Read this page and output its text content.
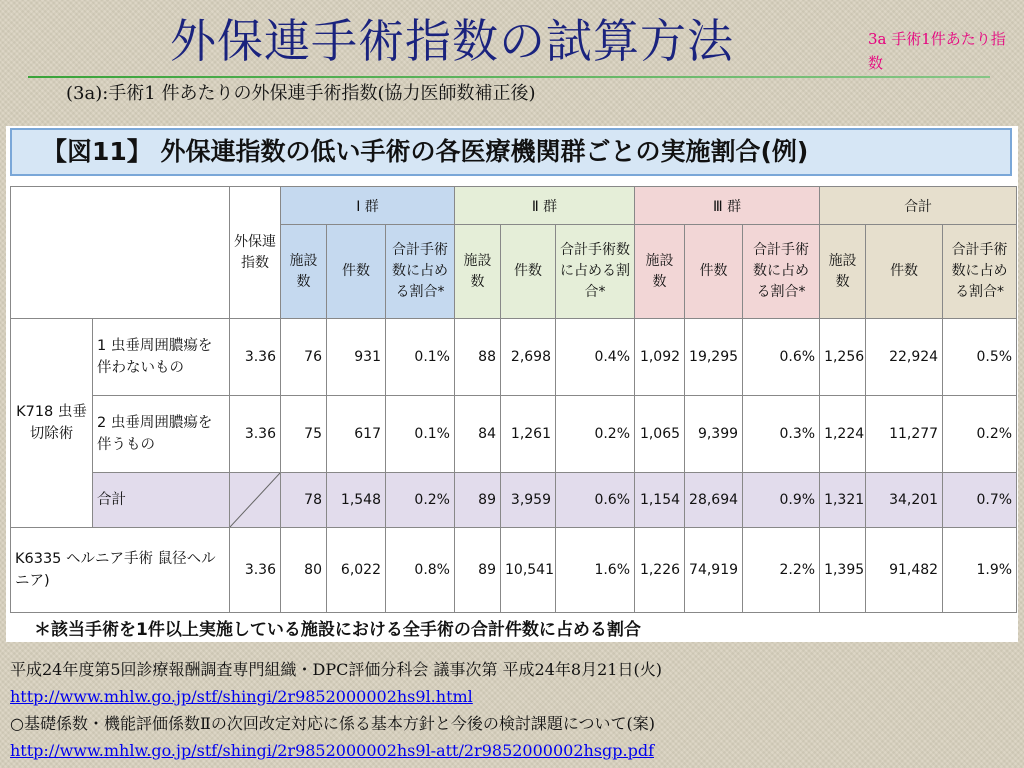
外保連手術指数の試算方法	3a 手術1件あたり指数
(3a):手術1 件あたりの外保連手術指数(協力医師数補正後)
【図11】 外保連指数の低い手術の各医療機関群ごとの実施割合(例)
		外保連指数	Ⅰ 群			Ⅱ 群			Ⅲ 群			合計		
			施設数	件数	合計手術数に占める割合*	施設数	件数	合計手術数に占める割合*	施設数	件数	合計手術数に占める割合*	施設数	件数	合計手術数に占める割合*
K718 虫垂切除術	1 虫垂周囲膿瘍を伴わないもの	3.36	76	931	0.1%	88	2,698	0.4%	1,092	19,295	0.6%	1,256	22,924	0.5%
	2 虫垂周囲膿瘍を伴うもの	3.36	75	617	0.1%	84	1,261	0.2%	1,065	9,399	0.3%	1,224	11,277	0.2%
	合計		78	1,548	0.2%	89	3,959	0.6%	1,154	28,694	0.9%	1,321	34,201	0.7%
K6335 ヘルニア手術 鼠径ヘルニア)		3.36	80	6,022	0.8%	89	10,541	1.6%	1,226	74,919	2.2%	1,395	91,482	1.9%
＊該当手術を1件以上実施している施設における全手術の合計件数に占める割合
平成24年度第5回診療報酬調査専門組織・DPC評価分科会 議事次第 平成24年8月21日(火)
http://www.mhlw.go.jp/stf/shingi/2r9852000002hs9l.html
○基礎係数・機能評価係数Ⅱの次回改定対応に係る基本方針と今後の検討課題について(案)
http://www.mhlw.go.jp/stf/shingi/2r9852000002hs9l-att/2r9852000002hsgp.pdf
